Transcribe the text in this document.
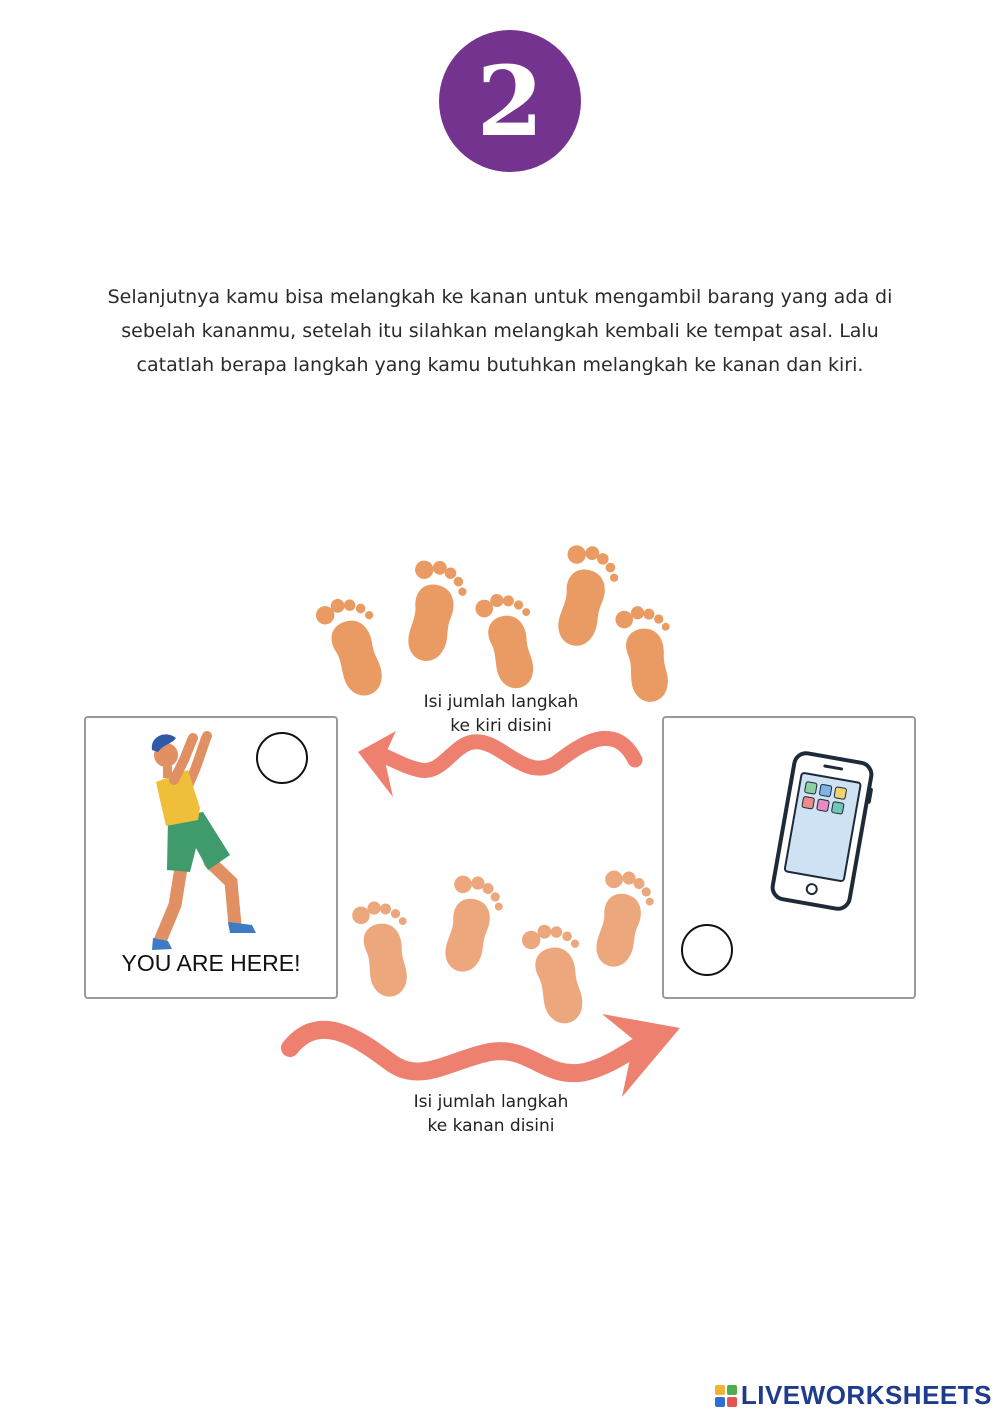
2
Selanjutnya kamu bisa melangkah ke kanan untuk mengambil barang yang ada di
sebelah kananmu, setelah itu silahkan melangkah kembali ke tempat asal. Lalu
catatlah berapa langkah yang kamu butuhkan melangkah ke kanan dan kiri.
YOU ARE HERE!
Isi jumlah langkah
ke kiri disini
Isi jumlah langkah
ke kanan disini
LIVEWORKSHEETS
